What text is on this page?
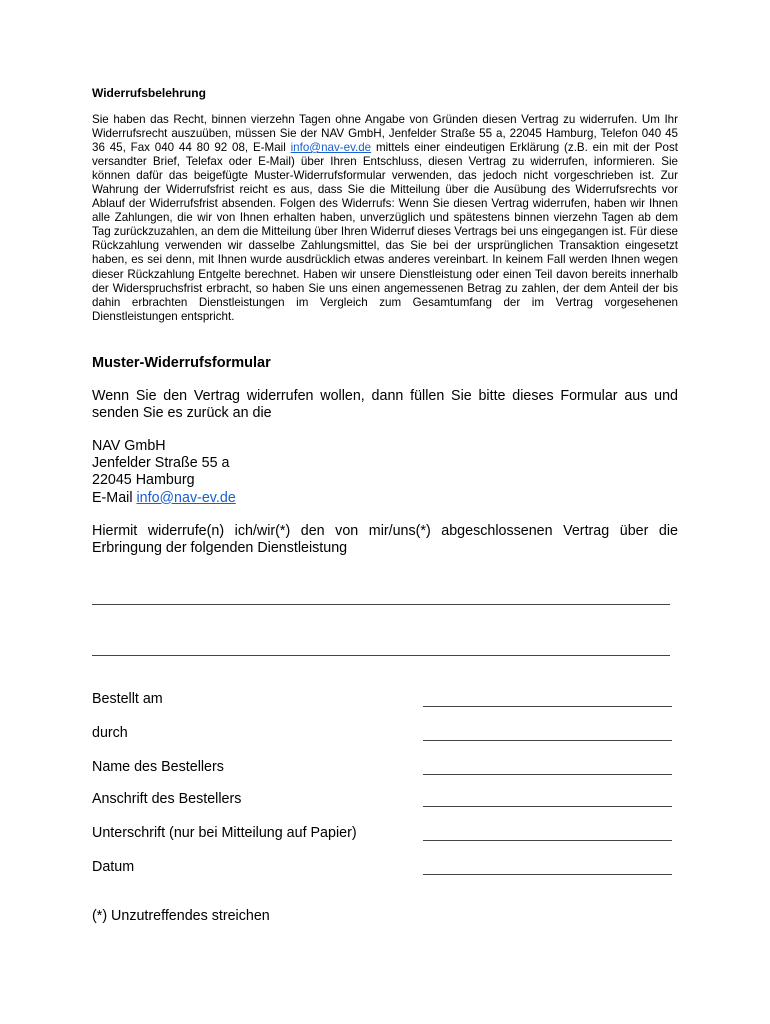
Widerrufsbelehrung
Sie haben das Recht, binnen vierzehn Tagen ohne Angabe von Gründen diesen Vertrag zu widerrufen. Um Ihr Widerrufsrecht auszuüben, müssen Sie der NAV GmbH, Jenfelder Straße 55 a, 22045 Hamburg, Telefon 040 45 36 45, Fax 040 44 80 92 08, E-Mail info@nav-ev.de mittels einer eindeutigen Erklärung (z.B. ein mit der Post versandter Brief, Telefax oder E-Mail) über Ihren Entschluss, diesen Vertrag zu widerrufen, informieren. Sie können dafür das beigefügte Muster-Widerrufsformular verwenden, das jedoch nicht vorgeschrieben ist. Zur Wahrung der Widerrufsfrist reicht es aus, dass Sie die Mitteilung über die Ausübung des Widerrufsrechts vor Ablauf der Widerrufsfrist absenden. Folgen des Widerrufs: Wenn Sie diesen Vertrag widerrufen, haben wir Ihnen alle Zahlungen, die wir von Ihnen erhalten haben, unverzüglich und spätestens binnen vierzehn Tagen ab dem Tag zurückzuzahlen, an dem die Mitteilung über Ihren Widerruf dieses Vertrags bei uns eingegangen ist. Für diese Rückzahlung verwenden wir dasselbe Zahlungsmittel, das Sie bei der ursprünglichen Transaktion eingesetzt haben, es sei denn, mit Ihnen wurde ausdrücklich etwas anderes vereinbart. In keinem Fall werden Ihnen wegen dieser Rückzahlung Entgelte berechnet. Haben wir unsere Dienstleistung oder einen Teil davon bereits innerhalb der Widerspruchsfrist erbracht, so haben Sie uns einen angemessenen Betrag zu zahlen, der dem Anteil der bis dahin erbrachten Dienstleistungen im Vergleich zum Gesamtumfang der im Vertrag vorgesehenen Dienstleistungen entspricht.
Muster-Widerrufsformular
Wenn Sie den Vertrag widerrufen wollen, dann füllen Sie bitte dieses Formular aus und senden Sie es zurück an die
NAV GmbH
Jenfelder Straße 55 a
22045 Hamburg
E-Mail info@nav-ev.de
Hiermit widerrufe(n) ich/wir(*) den von mir/uns(*) abgeschlossenen Vertrag über die Erbringung der folgenden Dienstleistung
Bestellt am
durch
Name des Bestellers
Anschrift des Bestellers
Unterschrift (nur bei Mitteilung auf Papier)
Datum
(*) Unzutreffendes streichen
